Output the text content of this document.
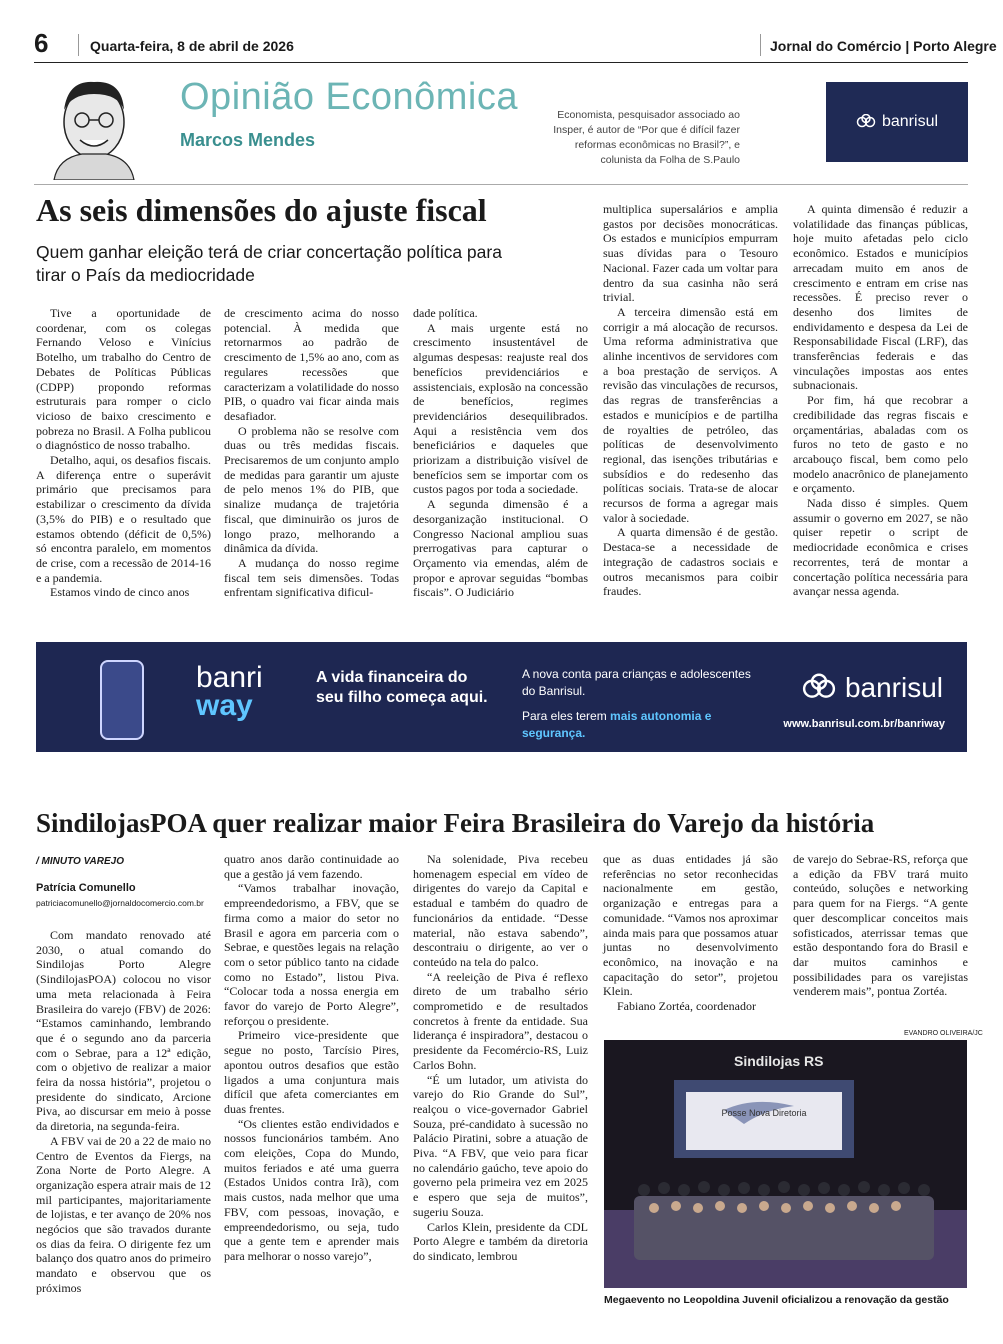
6	Quarta-feira, 8 de abril de 2026	Jornal do Comércio | Porto Alegre
Opinião Econômica
Marcos Mendes
Economista, pesquisador associado ao Insper, é autor de “Por que é difícil fazer reformas econômicas no Brasil?”, e colunista da Folha de S.Paulo
banrisul
As seis dimensões do ajuste fiscal
Quem ganhar eleição terá de criar concertação política para tirar o País da mediocridade

Tive a oportunidade de coordenar, com os colegas Fernando Veloso e Vinícius Botelho, um trabalho do Centro de Debates de Políticas Públicas (CDPP) propondo reformas estruturais para romper o ciclo vicioso de baixo crescimento e pobreza no Brasil. A Folha publicou o diagnóstico de nosso trabalho.

Detalho, aqui, os desafios fiscais. A diferença entre o superávit primário que precisamos para estabilizar o crescimento da dívida (3,5% do PIB) e o resultado que estamos obtendo (déficit de 0,5%) só encontra paralelo, em momentos de crise, com a recessão de 2014-16 e a pandemia.

Estamos vindo de cinco anos

de crescimento acima do nosso potencial. À medida que retornarmos ao padrão de crescimento de 1,5% ao ano, com as regulares recessões que caracterizam a volatilidade do nosso PIB, o quadro vai ficar ainda mais desafiador.

O problema não se resolve com duas ou três medidas fiscais. Precisaremos de um conjunto amplo de medidas para garantir um ajuste de pelo menos 1% do PIB, que sinalize mudança de trajetória fiscal, que diminuirão os juros de longo prazo, melhorando a dinâmica da dívida.

A mudança do nosso regime fiscal tem seis dimensões. Todas enfrentam significativa dificul-

dade política.

A mais urgente está no crescimento insustentável de algumas despesas: reajuste real dos benefícios previdenciários e assistenciais, explosão na concessão de benefícios, regimes previdenciários desequilibrados. Aqui a resistência vem dos beneficiários e daqueles que priorizam a distribuição visível de benefícios sem se importar com os custos pagos por toda a sociedade.

A segunda dimensão é a desorganização institucional. O Congresso Nacional ampliou suas prerrogativas para capturar o Orçamento via emendas, além de propor e aprovar seguidas “bombas fiscais”. O Judiciário

multiplica supersalários e amplia gastos por decisões monocráticas. Os estados e municípios empurram suas dívidas para o Tesouro Nacional. Fazer cada um voltar para dentro da sua casinha não será trivial.

A terceira dimensão está em corrigir a má alocação de recursos. Uma reforma administrativa que alinhe incentivos de servidores com a boa prestação de serviços. A revisão das vinculações de recursos, das regras de transferências a estados e municípios e de partilha de royalties de petróleo, das políticas de desenvolvimento regional, das isenções tributárias e subsídios e do redesenho das políticas sociais. Trata-se de alocar recursos de forma a agregar mais valor à sociedade.

A quarta dimensão é de gestão. Destaca-se a necessidade de integração de cadastros sociais e outros mecanismos para coibir fraudes.

A quinta dimensão é reduzir a volatilidade das finanças públicas, hoje muito afetadas pelo ciclo econômico. Estados e municípios arrecadam muito em anos de crescimento e entram em crise nas recessões. É preciso rever o desenho dos limites de endividamento e despesa da Lei de Responsabilidade Fiscal (LRF), das transferências federais e das vinculações impostas aos entes subnacionais.

Por fim, há que recobrar a credibilidade das regras fiscais e orçamentárias, abaladas com os furos no teto de gasto e no arcabouço fiscal, bem como pelo modelo anacrônico de planejamento e orçamento.

Nada disso é simples. Quem assumir o governo em 2027, se não quiser repetir o script de mediocridade econômica e crises recorrentes, terá de montar a concertação política necessária para avançar nessa agenda.

banri
way
A vida financeira do seu filho começa aqui.
A nova conta para crianças e adolescentes do Banrisul.
Para eles terem mais autonomia e segurança.
banrisul
www.banrisul.com.br/banriway
SindilojasPOA quer realizar maior Feira Brasileira do Varejo da história
/ MINUTO VAREJO
Patrícia Comunello
patriciacomunello@jornaldocomercio.com.br

Com mandato renovado até 2030, o atual comando do Sindilojas Porto Alegre (SindilojasPOA) colocou no visor uma meta relacionada à Feira Brasileira do varejo (FBV) de 2026: “Estamos caminhando, lembrando que é o segundo ano da parceria com o Sebrae, para a 12ª edição, com o objetivo de realizar a maior feira da nossa história”, projetou o presidente do sindicato, Arcione Piva, ao discursar em meio à posse da diretoria, na segunda-feira.

A FBV vai de 20 a 22 de maio no Centro de Eventos da Fiergs, na Zona Norte de Porto Alegre. A organização espera atrair mais de 12 mil participantes, majoritariamente de lojistas, e ter avanço de 20% nos negócios que são travados durante os dias da feira. O dirigente fez um balanço dos quatro anos do primeiro mandato e observou que os próximos

quatro anos darão continuidade ao que a gestão já vem fazendo.

“Vamos trabalhar inovação, empreendedorismo, a FBV, que se firma como a maior do setor no Brasil e agora em parceria com o Sebrae, e questões legais na relação com o setor público tanto na cidade como no Estado”, listou Piva. “Colocar toda a nossa energia em favor do varejo de Porto Alegre”, reforçou o presidente.

Primeiro vice-presidente que segue no posto, Tarcísio Pires, apontou outros desafios que estão ligados a uma conjuntura mais difícil que afeta comerciantes em duas frentes.

“Os clientes estão endividados e nossos funcionários também. Ano com eleições, Copa do Mundo, muitos feriados e até uma guerra (Estados Unidos contra Irã), com mais custos, nada melhor que uma FBV, com pessoas, inovação, e empreendedorismo, ou seja, tudo que a gente tem e aprender mais para melhorar o nosso varejo”,

Na solenidade, Piva recebeu homenagem especial em vídeo de dirigentes do varejo da Capital e estadual e também do quadro de funcionários da entidade. “Desse material, não estava sabendo”, descontraiu o dirigente, ao ver o conteúdo na tela do palco.

“A reeleição de Piva é reflexo direto de um trabalho sério comprometido e de resultados concretos à frente da entidade. Sua liderança é inspiradora”, destacou o presidente da Fecomércio-RS, Luiz Carlos Bohn.

“É um lutador, um ativista do varejo do Rio Grande do Sul”, realçou o vice-governador Gabriel Souza, pré-candidato à sucessão no Palácio Piratini, sobre a atuação de Piva. “A FBV, que veio para ficar no calendário gaúcho, teve apoio do governo pela primeira vez em 2025 e espero que seja de muitos”, sugeriu Souza.

Carlos Klein, presidente da CDL Porto Alegre e também da diretoria do sindicato, lembrou

que as duas entidades já são referências no setor reconhecidas nacionalmente em gestão, organização e entregas para a comunidade. “Vamos nos aproximar ainda mais para que possamos atuar juntas no desenvolvimento econômico, na inovação e na capacitação do setor”, projetou Klein.

Fabiano Zortéa, coordenador

de varejo do Sebrae-RS, reforça que a edição da FBV trará muito conteúdo, soluções e networking para quem for na Fiergs. “A gente quer descomplicar conceitos mais sofisticados, aterrissar temas que estão despontando fora do Brasil e dar muitos caminhos e possibilidades para os varejistas venderem mais”, pontua Zortéa.

EVANDRO OLIVEIRA/JC
Sindilojas RS
Posse Nova Diretoria
Megaevento no Leopoldina Juvenil oficializou a renovação da gestão
